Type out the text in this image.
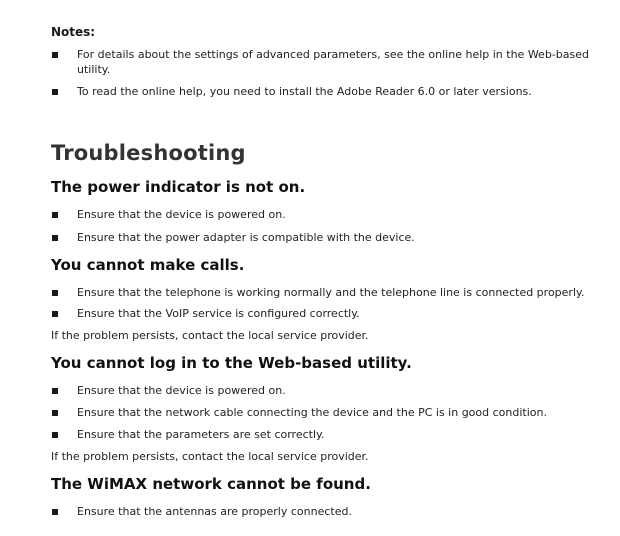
Notes:
For details about the settings of advanced parameters, see the online help in the Web-based utility.
To read the online help, you need to install the Adobe Reader 6.0 or later versions.
Troubleshooting
The power indicator is not on.
Ensure that the device is powered on.
Ensure that the power adapter is compatible with the device.
You cannot make calls.
Ensure that the telephone is working normally and the telephone line is connected properly.
Ensure that the VoIP service is configured correctly.
If the problem persists, contact the local service provider.
You cannot log in to the Web-based utility.
Ensure that the device is powered on.
Ensure that the network cable connecting the device and the PC is in good condition.
Ensure that the parameters are set correctly.
If the problem persists, contact the local service provider.
The WiMAX network cannot be found.
Ensure that the antennas are properly connected.
